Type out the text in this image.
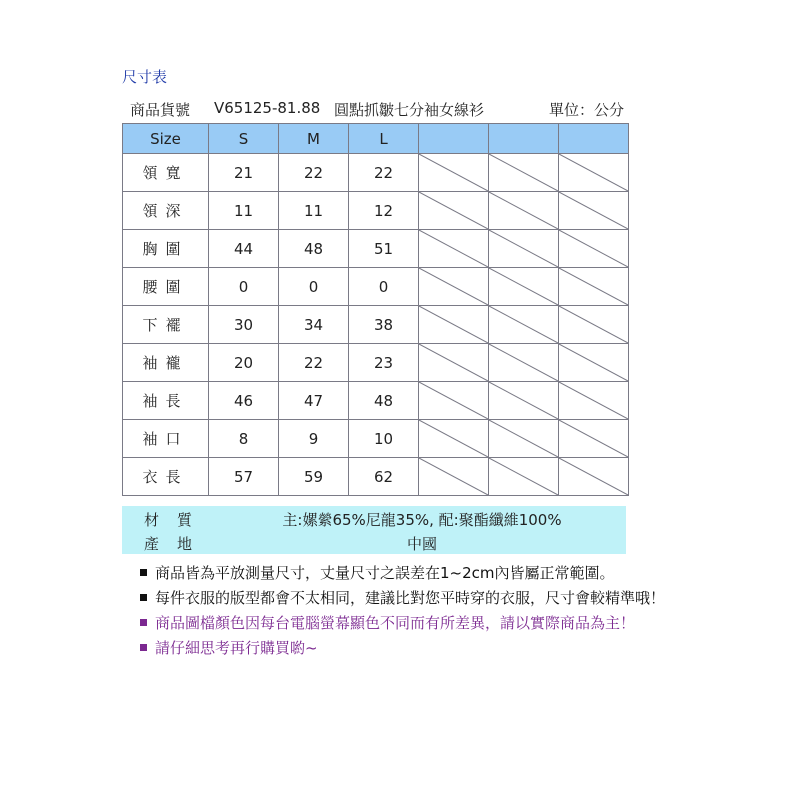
尺寸表
商品貨號 V65125-81.88 圓點抓皺七分袖女線衫	單位：公分
Size	S	M	L			
領寬	21	22	22	

領深	11	11	12	

胸圍	44	48	51	

腰圍	0	0	0	

下襬	30	34	38	

袖襱	20	22	23	

袖長	46	47	48	

袖口	8	9	10	

衣長	57	59	62	

材質	主:嫘縈65%尼龍35%, 配:聚酯纖維100%
產地	中國
商品皆為平放測量尺寸，丈量尺寸之誤差在1~2cm內皆屬正常範圍。
每件衣服的版型都會不太相同，建議比對您平時穿的衣服，尺寸會較精準哦！
商品圖檔顏色因每台電腦螢幕顯色不同而有所差異，請以實際商品為主！
請仔細思考再行購買喲~
